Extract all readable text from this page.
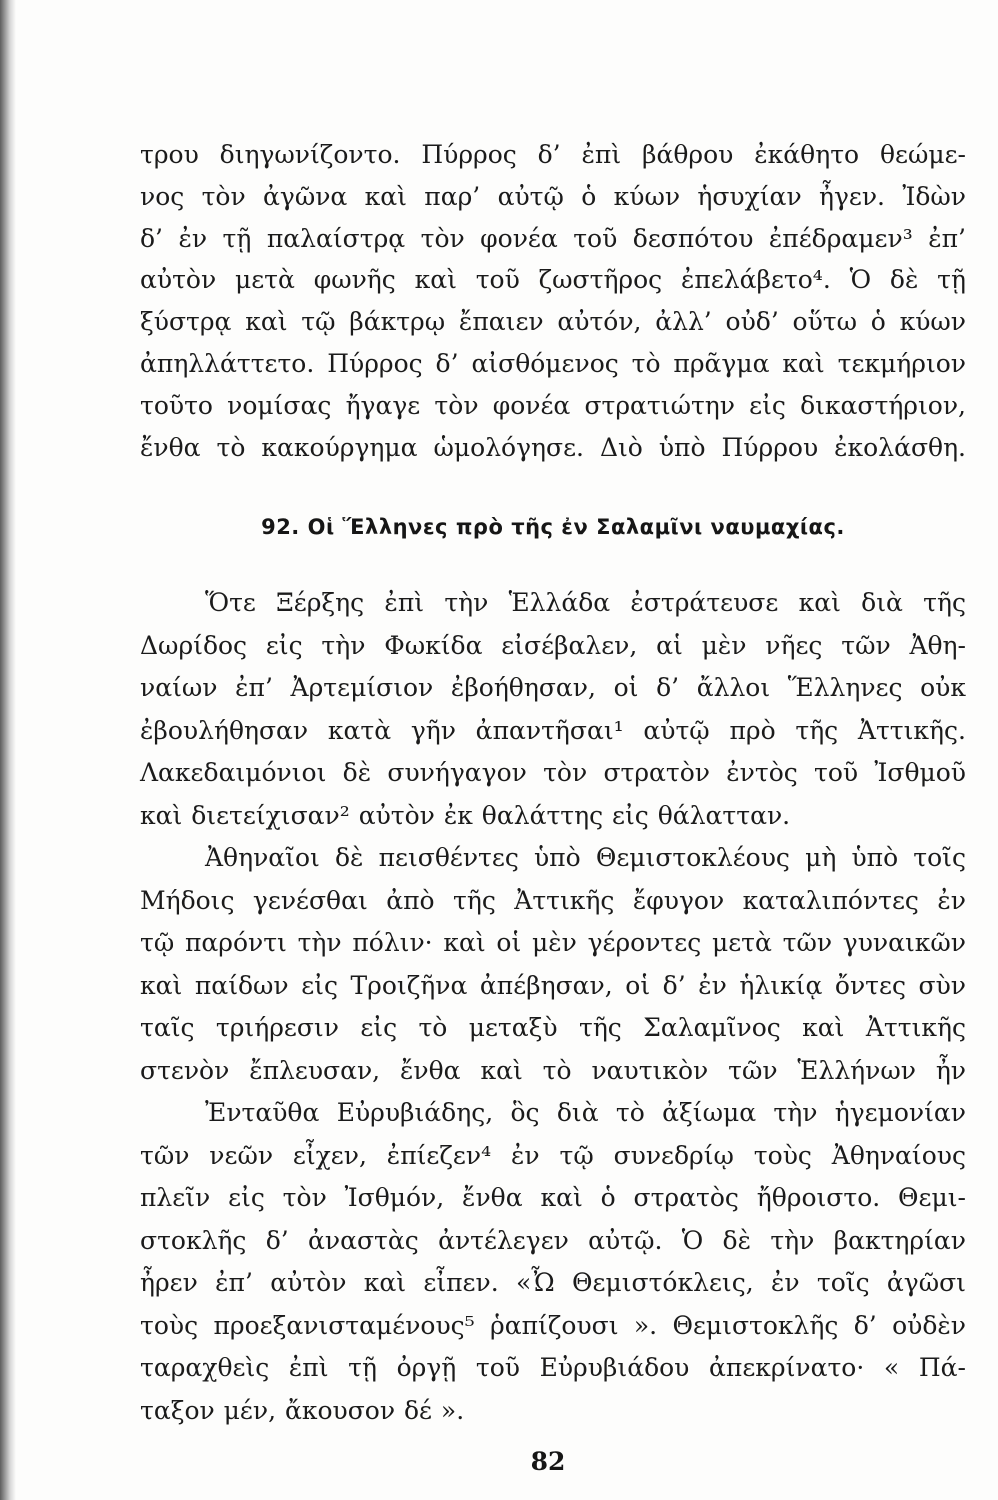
τρου διηγωνίζοντο. Πύρρος δ’ ἐπὶ βάθρου ἐκάθητο θεώμε-
νος τὸν ἀγῶνα καὶ παρ’ αὐτῷ ὁ κύων ἡσυχίαν ἦγεν. Ἰδὼν
δ’ ἐν τῇ παλαίστρᾳ τὸν φονέα τοῦ δεσπότου ἐπέδραμεν³ ἐπ’
αὐτὸν μετὰ φωνῆς καὶ τοῦ ζωστῆρος ἐπελάβετο⁴. Ὁ δὲ τῇ
ξύστρᾳ καὶ τῷ βάκτρῳ ἔπαιεν αὐτόν, ἀλλ’ οὐδ’ οὕτω ὁ κύων
ἀπηλλάττετο. Πύρρος δ’ αἰσθόμενος τὸ πρᾶγμα καὶ τεκμήριον
τοῦτο νομίσας ἤγαγε τὸν φονέα στρατιώτην εἰς δικαστήριον,
ἔνθα τὸ κακούργημα ὡμολόγησε. Διὸ ὑπὸ Πύρρου ἐκολάσθη.
92. Οἱ Ἕλληνες πρὸ τῆς ἐν Σαλαμῖνι ναυμαχίας.
Ὅτε Ξέρξης ἐπὶ τὴν Ἑλλάδα ἐστράτευσε καὶ διὰ τῆς
Δωρίδος εἰς τὴν Φωκίδα εἰσέβαλεν, αἱ μὲν νῆες τῶν Ἀθη-
ναίων ἐπ’ Ἀρτεμίσιον ἐβοήθησαν, οἱ δ’ ἄλλοι Ἕλληνες οὐκ
ἐβουλήθησαν κατὰ γῆν ἀπαντῆσαι¹ αὐτῷ πρὸ τῆς Ἀττικῆς.
Λακεδαιμόνιοι δὲ συνήγαγον τὸν στρατὸν ἐντὸς τοῦ Ἰσθμοῦ
καὶ διετείχισαν² αὐτὸν ἐκ θαλάττης εἰς θάλατταν.
Ἀθηναῖοι δὲ πεισθέντες ὑπὸ Θεμιστοκλέους μὴ ὑπὸ τοῖς
Μήδοις γενέσθαι ἀπὸ τῆς Ἀττικῆς ἔφυγον καταλιπόντες ἐν
τῷ παρόντι τὴν πόλιν· καὶ οἱ μὲν γέροντες μετὰ τῶν γυναικῶν
καὶ παίδων εἰς Τροιζῆνα ἀπέβησαν, οἱ δ’ ἐν ἡλικίᾳ ὄντες σὺν
ταῖς τριήρεσιν εἰς τὸ μεταξὺ τῆς Σαλαμῖνος καὶ Ἀττικῆς
στενὸν ἔπλευσαν, ἔνθα καὶ τὸ ναυτικὸν τῶν Ἑλλήνων ἦν
Ἐνταῦθα Εὐρυβιάδης, ὃς διὰ τὸ ἀξίωμα τὴν ἡγεμονίαν
τῶν νεῶν εἶχεν, ἐπίεζεν⁴ ἐν τῷ συνεδρίῳ τοὺς Ἀθηναίους
πλεῖν εἰς τὸν Ἰσθμόν, ἔνθα καὶ ὁ στρατὸς ἤθροιστο. Θεμι-
στοκλῆς δ’ ἀναστὰς ἀντέλεγεν αὐτῷ. Ὁ δὲ τὴν βακτηρίαν
ἦρεν ἐπ’ αὐτὸν καὶ εἶπεν. «Ὦ Θεμιστόκλεις, ἐν τοῖς ἀγῶσι
τοὺς προεξανισταμένους⁵ ῥαπίζουσι ». Θεμιστοκλῆς δ’ οὐδὲν
ταραχθεὶς ἐπὶ τῇ ὀργῇ τοῦ Εὐρυβιάδου ἀπεκρίνατο· « Πά-
ταξον μέν, ἄκουσον δέ ».
82
